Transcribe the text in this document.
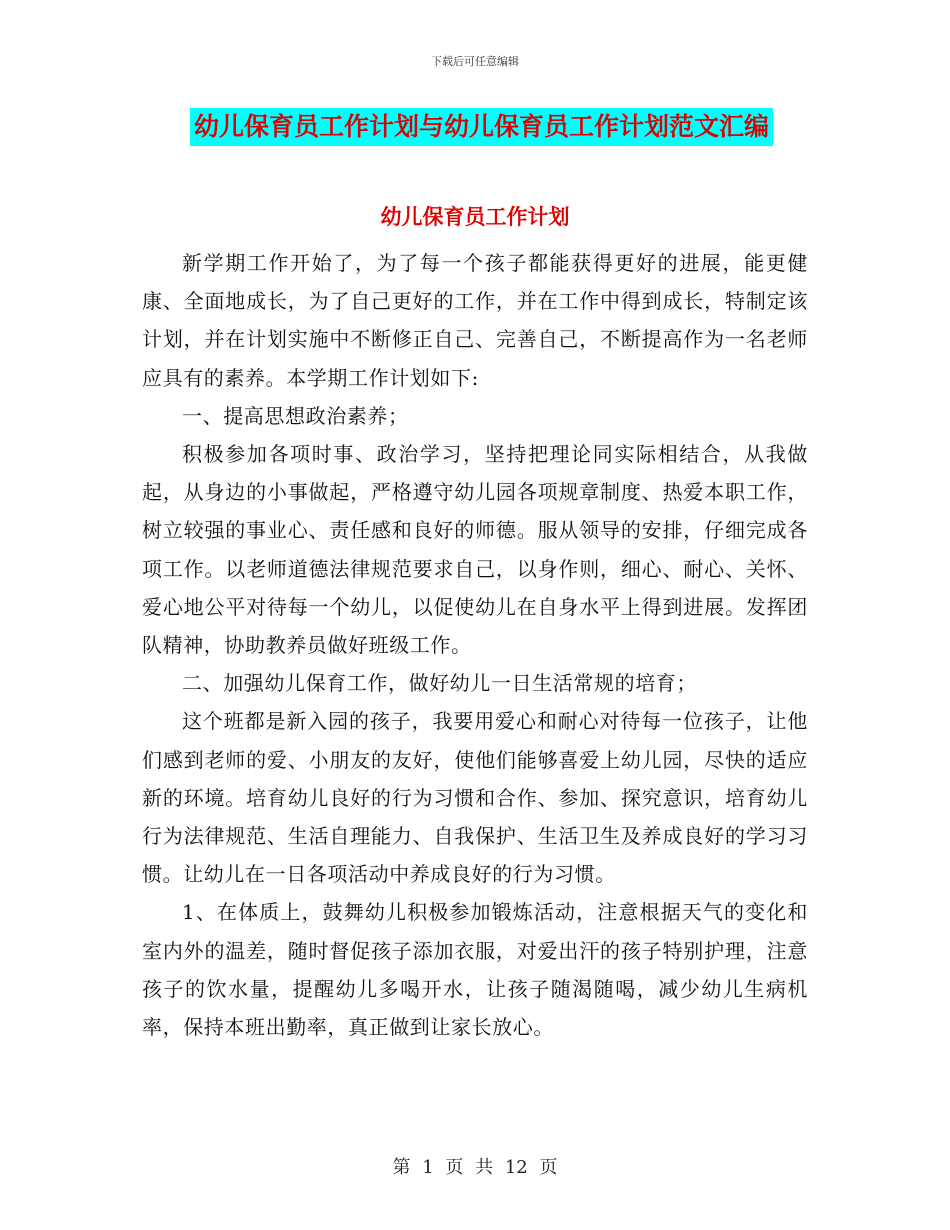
下载后可任意编辑
幼儿保育员工作计划与幼儿保育员工作计划范文汇编
幼儿保育员工作计划

新学期工作开始了，为了每一个孩子都能获得更好的进展，能更健康、全面地成长，为了自己更好的工作，并在工作中得到成长，特制定该计划，并在计划实施中不断修正自己、完善自己，不断提高作为一名老师应具有的素养。本学期工作计划如下:

一、提高思想政治素养；

积极参加各项时事、政治学习，坚持把理论同实际相结合，从我做起，从身边的小事做起，严格遵守幼儿园各项规章制度、热爱本职工作，树立较强的事业心、责任感和良好的师德。服从领导的安排，仔细完成各项工作。以老师道德法律规范要求自己，以身作则，细心、耐心、关怀、爱心地公平对待每一个幼儿，以促使幼儿在自身水平上得到进展。发挥团队精神，协助教养员做好班级工作。

二、加强幼儿保育工作，做好幼儿一日生活常规的培育；

这个班都是新入园的孩子，我要用爱心和耐心对待每一位孩子，让他们感到老师的爱、小朋友的友好，使他们能够喜爱上幼儿园，尽快的适应新的环境。培育幼儿良好的行为习惯和合作、参加、探究意识，培育幼儿行为法律规范、生活自理能力、自我保护、生活卫生及养成良好的学习习惯。让幼儿在一日各项活动中养成良好的行为习惯。

1、在体质上，鼓舞幼儿积极参加锻炼活动，注意根据天气的变化和室内外的温差，随时督促孩子添加衣服，对爱出汗的孩子特别护理，注意孩子的饮水量，提醒幼儿多喝开水，让孩子随渴随喝，减少幼儿生病机率，保持本班出勤率，真正做到让家长放心。

第 1 页 共 12 页
